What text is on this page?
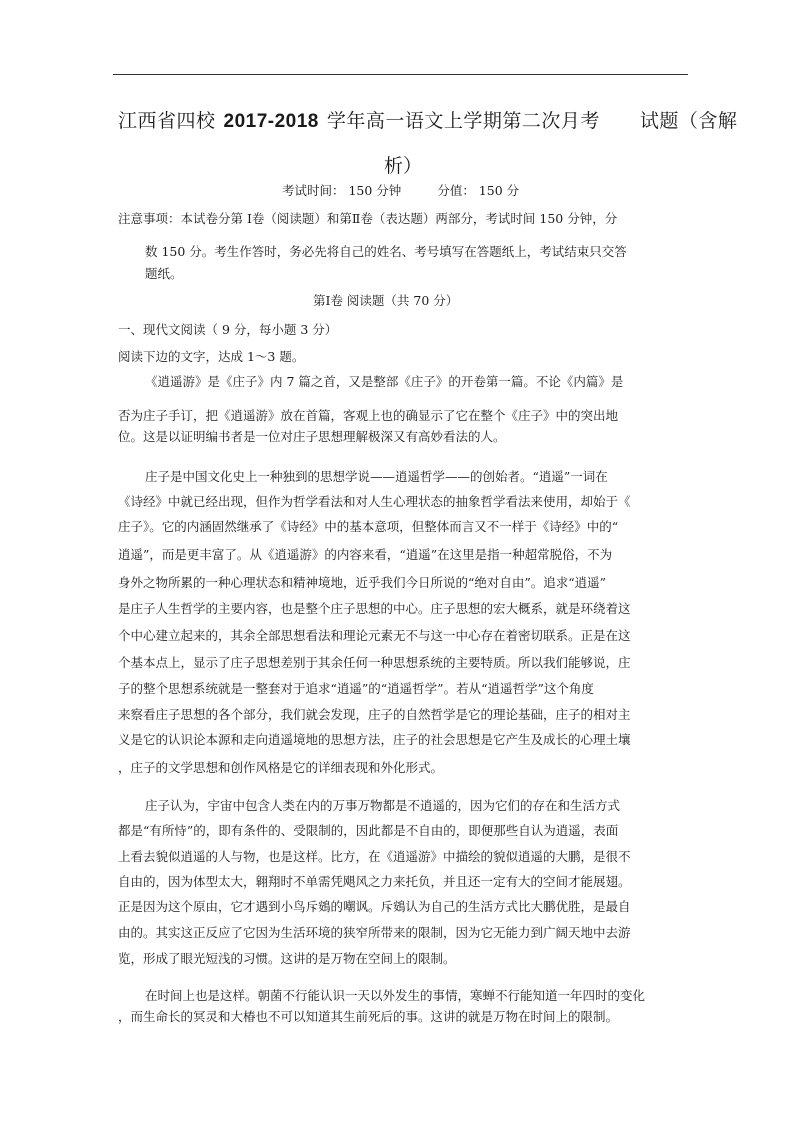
江西省四校 2017-2018 学年高一语文上学期第二次月考 试题（含解
析）
考试时间： 150 分钟	分值： 150 分
注意事项：本试卷分第 Ⅰ卷（阅读题）和第Ⅱ卷（表达题）两部分，考试时间 150 分钟，分
数 150 分。考生作答时，务必先将自己的姓名、考号填写在答题纸上，考试结束只交答
题纸。
第Ⅰ卷 阅读题（共 70 分）
一、现代文阅读（ 9 分，每小题 3 分）
阅读下边的文字，达成 1～3 题。
《逍遥游》是《庄子》内 7 篇之首，又是整部《庄子》的开卷第一篇。不论《内篇》是
否为庄子手订，把《逍遥游》放在首篇，客观上也的确显示了它在整个《庄子》中的突出地
位。这是以证明编书者是一位对庄子思想理解极深又有高妙看法的人。
庄子是中国文化史上一种独到的思想学说——逍遥哲学——的创始者。“逍遥”一词在
《诗经》中就已经出现，但作为哲学看法和对人生心理状态的抽象哲学看法来使用，却始于《
庄子》。它的内涵固然继承了《诗经》中的基本意项，但整体而言又不一样于《诗经》中的“
逍遥”，而是更丰富了。从《逍遥游》的内容来看，“逍遥”在这里是指一种超常脱俗，不为
身外之物所累的一种心理状态和精神境地，近乎我们今日所说的“绝对自由”。追求“逍遥”
是庄子人生哲学的主要内容，也是整个庄子思想的中心。庄子思想的宏大概系，就是环绕着这
个中心建立起来的，其余全部思想看法和理论元素无不与这一中心存在着密切联系。正是在这
个基本点上，显示了庄子思想差别于其余任何一种思想系统的主要特质。所以我们能够说，庄
子的整个思想系统就是一整套对于追求“逍遥”的“逍遥哲学”。若从“逍遥哲学”这个角度
来察看庄子思想的各个部分，我们就会发现，庄子的自然哲学是它的理论基础，庄子的相对主
义是它的认识论本源和走向逍遥境地的思想方法，庄子的社会思想是它产生及成长的心理土壤
，庄子的文学思想和创作风格是它的详细表现和外化形式。
庄子认为，宇宙中包含人类在内的万事万物都是不逍遥的，因为它们的存在和生活方式
都是“有所恃”的，即有条件的、受限制的，因此都是不自由的，即便那些自认为逍遥，表面
上看去貌似逍遥的人与物，也是这样。比方，在《逍遥游》中描绘的貌似逍遥的大鹏，是很不
自由的，因为体型太大，翱翔时不单需凭飓风之力来托负，并且还一定有大的空间才能展翅。
正是因为这个原由，它才遇到小鸟斥鴳的嘲讽。斥鴳认为自己的生活方式比大鹏优胜，是最自
由的。其实这正反应了它因为生活环境的狭窄所带来的限制，因为它无能力到广阔天地中去游
览，形成了眼光短浅的习惯。这讲的是万物在空间上的限制。
在时间上也是这样。朝菌不行能认识一天以外发生的事情，寒蝉不行能知道一年四时的变化
，而生命长的冥灵和大椿也不可以知道其生前死后的事。这讲的就是万物在时间上的限制。
